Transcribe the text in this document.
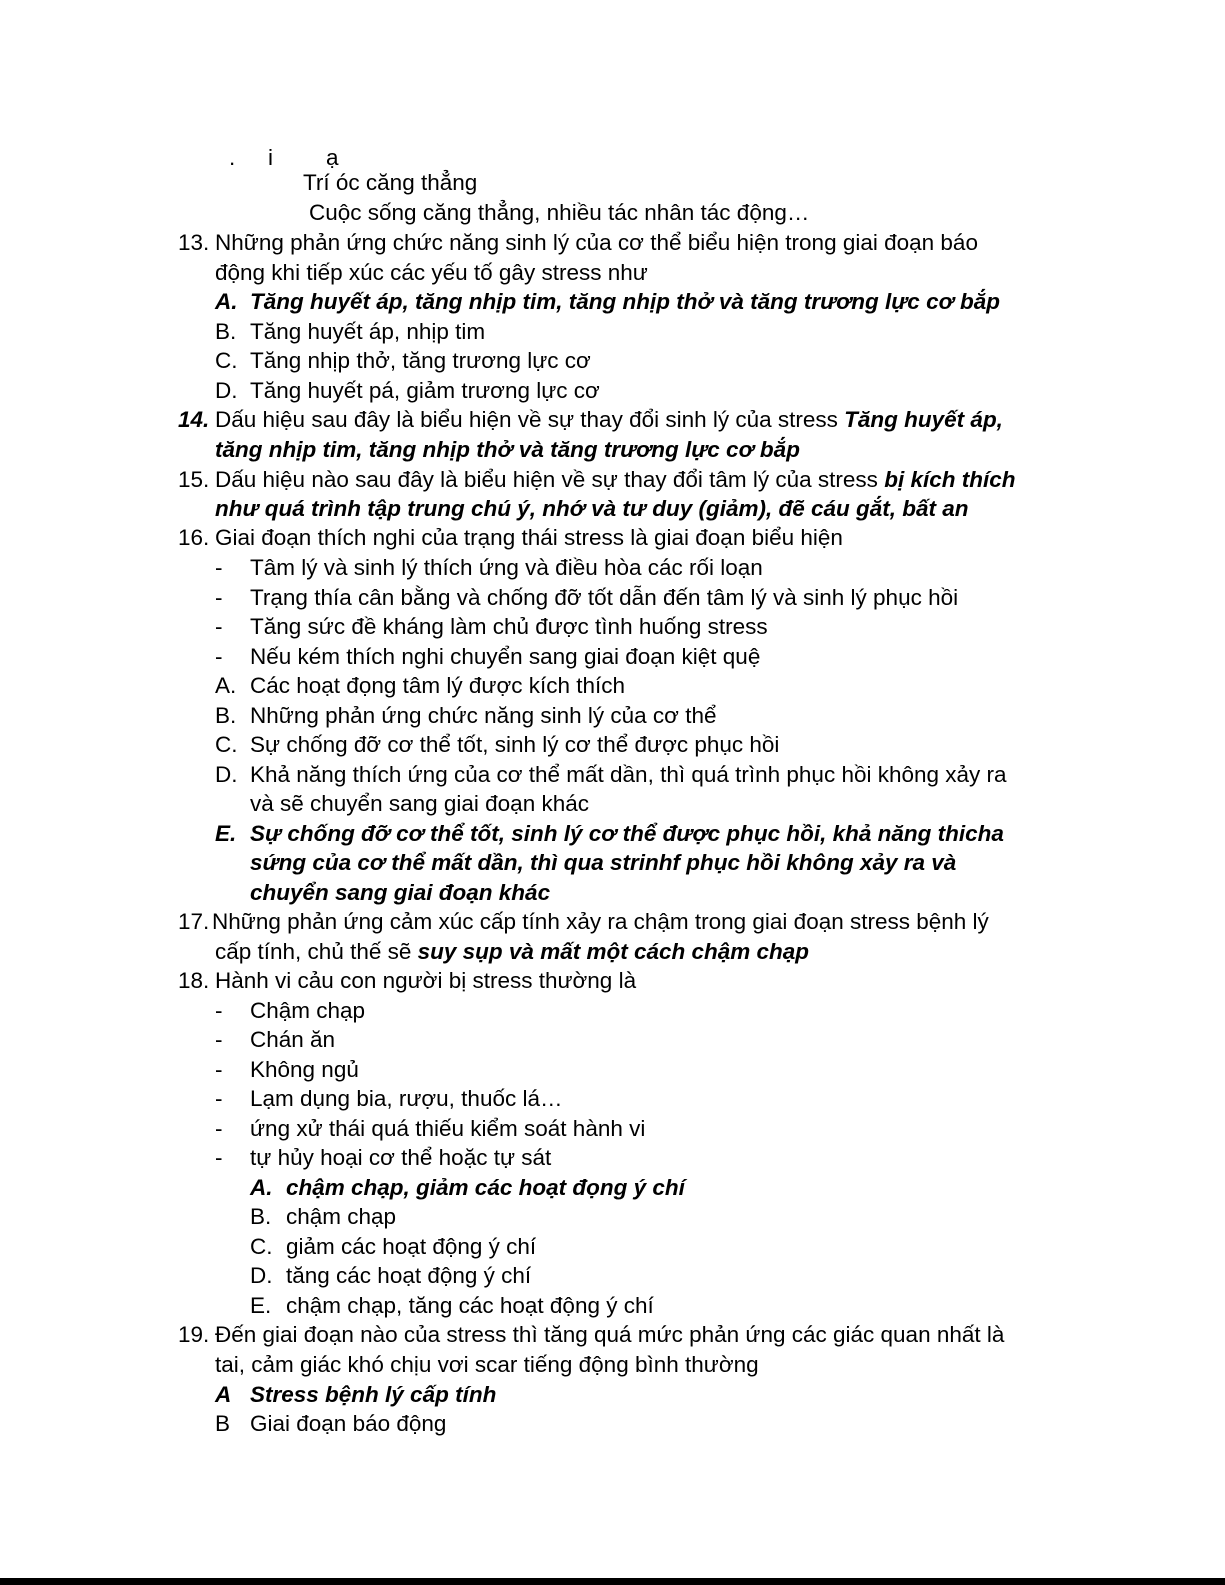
. i ạ
Trí óc căng thẳng
Cuộc sống căng thẳng, nhiều tác nhân tác động…
13. Những phản ứng chức năng sinh lý của cơ thể biểu hiện trong giai đoạn báo
động khi tiếp xúc các yếu tố gây stress như
A. Tăng huyết áp, tăng nhịp tim, tăng nhịp thở và tăng trương lực cơ bắp
B. Tăng huyết áp, nhịp tim
C. Tăng nhịp thở, tăng trương lực cơ
D. Tăng huyết pá, giảm trương lực cơ
14. Dấu hiệu sau đây là biểu hiện về sự thay đổi sinh lý của stress Tăng huyết áp,
tăng nhịp tim, tăng nhịp thở và tăng trương lực cơ bắp
15. Dấu hiệu nào sau đây là biểu hiện về sự thay đổi tâm lý của stress bị kích thích
như quá trình tập trung chú ý, nhớ và tư duy (giảm), đẽ cáu gắt, bất an
16. Giai đoạn thích nghi của trạng thái stress là giai đoạn biểu hiện
- Tâm lý và sinh lý thích ứng và điều hòa các rối loạn
- Trạng thía cân bằng và chống đỡ tốt dẫn đến tâm lý và sinh lý phục hồi
- Tăng sức đề kháng làm chủ được tình huống stress
- Nếu kém thích nghi chuyển sang giai đoạn kiệt quệ
A. Các hoạt đọng tâm lý được kích thích
B. Những phản ứng chức năng sinh lý của cơ thể
C. Sự chống đỡ cơ thể tốt, sinh lý cơ thể được phục hồi
D. Khả năng thích ứng của cơ thể mất dần, thì quá trình phục hồi không xảy ra
và sẽ chuyển sang giai đoạn khác
E. Sự chống đỡ cơ thể tốt, sinh lý cơ thể được phục hồi, khả năng thicha
sứng của cơ thể mất dần, thì qua strinhf phục hồi không xảy ra và
chuyển sang giai đoạn khác
17. Những phản ứng cảm xúc cấp tính xảy ra chậm trong giai đoạn stress bệnh lý
cấp tính, chủ thế sẽ suy sụp và mất một cách chậm chạp
18. Hành vi cảu con người bị stress thường là
- Chậm chạp
- Chán ăn
- Không ngủ
- Lạm dụng bia, rượu, thuốc lá…
- ứng xử thái quá thiếu kiểm soát hành vi
- tự hủy hoại cơ thể hoặc tự sát
A. chậm chạp, giảm các hoạt đọng ý chí
B. chậm chạp
C. giảm các hoạt động ý chí
D. tăng các hoạt động ý chí
E. chậm chạp, tăng các hoạt động ý chí
19. Đến giai đoạn nào của stress thì tăng quá mức phản ứng các giác quan nhất là
tai, cảm giác khó chịu vơi scar tiếng động bình thường
A Stress bệnh lý cấp tính
B Giai đoạn báo động
